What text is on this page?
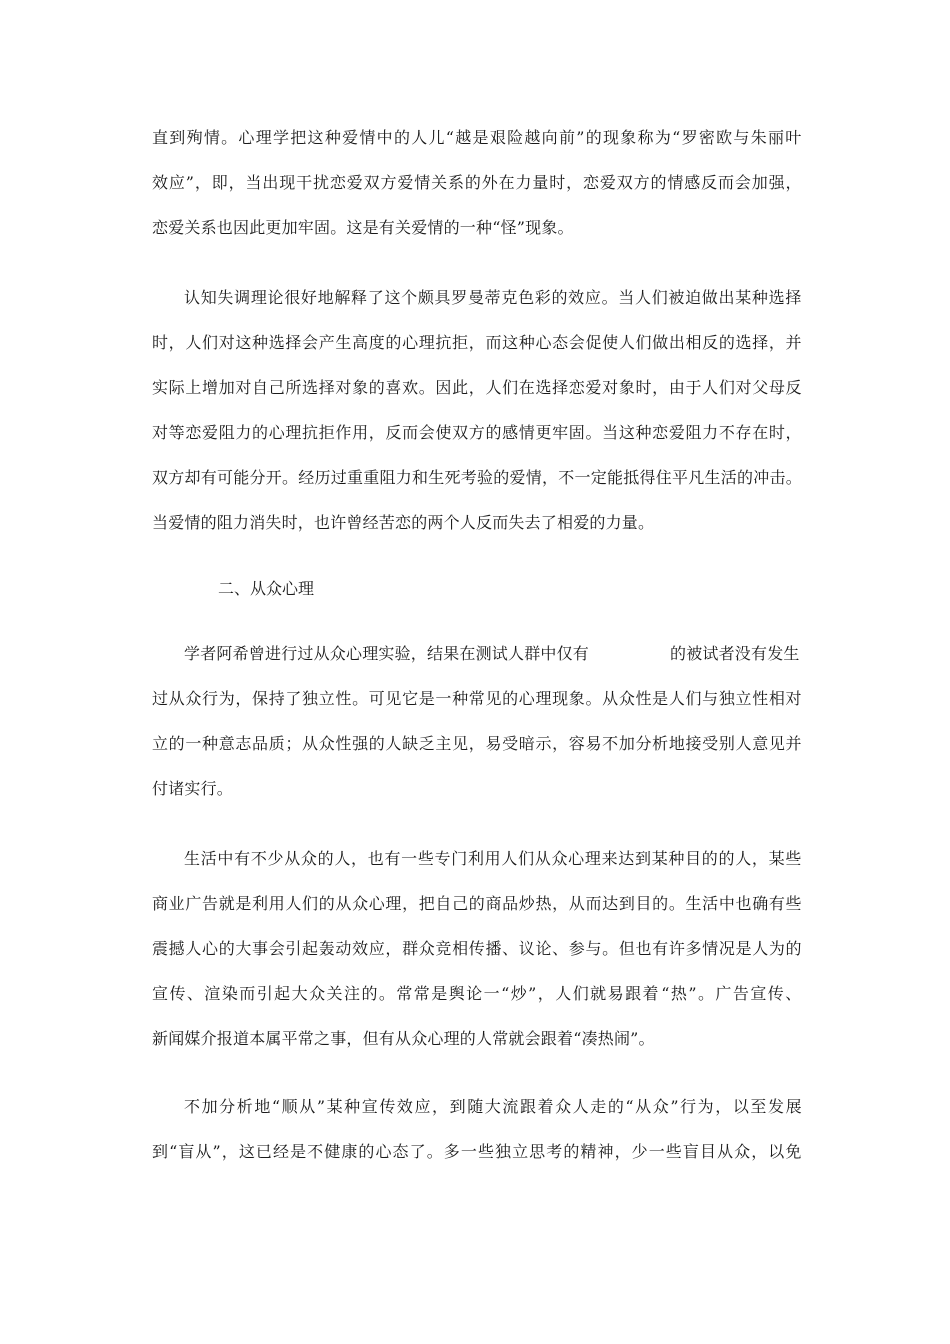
直 到 殉 情 。 心 理 学 把 这 种 爱 情 中 的 人 儿 “ 越 是 艰 险 越 向 前 ” 的 现 象 称 为 “ 罗 密 欧 与 朱 丽 叶
效 应 ” ， 即 ， 当 出 现 干 扰 恋 爱 双 方 爱 情 关 系 的 外 在 力 量 时 ， 恋 爱 双 方 的 情 感 反 而 会 加 强 ，
恋爱关系也因此更加牢固。这是有关爱情的一种“怪”现象。
认 知 失 调 理 论 很 好 地 解 释 了 这 个 颇 具 罗 曼 蒂 克 色 彩 的 效 应 。 当 人 们 被 迫 做 出 某 种 选 择
时 ， 人 们 对 这 种 选 择 会 产 生 高 度 的 心 理 抗 拒 ， 而 这 种 心 态 会 促 使 人 们 做 出 相 反 的 选 择 ， 并
实 际 上 增 加 对 自 己 所 选 择 对 象 的 喜 欢 。 因 此 ， 人 们 在 选 择 恋 爱 对 象 时 ， 由 于 人 们 对 父 母 反
对 等 恋 爱 阻 力 的 心 理 抗 拒 作 用 ， 反 而 会 使 双 方 的 感 情 更 牢 固 。 当 这 种 恋 爱 阻 力 不 存 在 时 ，
双 方 却 有 可 能 分 开 。 经 历 过 重 重 阻 力 和 生 死 考 验 的 爱 情 ， 不 一 定 能 抵 得 住 平 凡 生 活 的 冲 击 。
当爱情的阻力消失时，也许曾经苦恋的两个人反而失去了相爱的力量。
二、从众心理
学者阿希曾进行过从众心理实验，结果在测试人群中仅有	的被试者没有发生
过 从 众 行 为 ， 保 持 了 独 立 性 。 可 见 它 是 一 种 常 见 的 心 理 现 象 。 从 众 性 是 人 们 与 独 立 性 相 对
立 的 一 种 意 志 品 质 ； 从 众 性 强 的 人 缺 乏 主 见 ， 易 受 暗 示 ， 容 易 不 加 分 析 地 接 受 别 人 意 见 并
付诸实行。
生 活 中 有 不 少 从 众 的 人 ， 也 有 一 些 专 门 利 用 人 们 从 众 心 理 来 达 到 某 种 目 的 的 人 ， 某 些
商 业 广 告 就 是 利 用 人 们 的 从 众 心 理 ， 把 自 己 的 商 品 炒 热 ， 从 而 达 到 目 的 。 生 活 中 也 确 有 些
震 撼 人 心 的 大 事 会 引 起 轰 动 效 应 ， 群 众 竞 相 传 播 、 议 论 、 参 与 。 但 也 有 许 多 情 况 是 人 为 的
宣 传 、 渲 染 而 引 起 大 众 关 注 的 。 常 常 是 舆 论 一 “ 炒 ” ， 人 们 就 易 跟 着 “ 热 ” 。 广 告 宣 传 、
新闻媒介报道本属平常之事，但有从众心理的人常就会跟着“凑热闹”。
不 加 分 析 地 “ 顺 从 ” 某 种 宣 传 效 应 ， 到 随 大 流 跟 着 众 人 走 的 “ 从 众 ” 行 为 ， 以 至 发 展
到 “ 盲 从 ” ， 这 已 经 是 不 健 康 的 心 态 了 。 多 一 些 独 立 思 考 的 精 神 ， 少 一 些 盲 目 从 众 ， 以 免
